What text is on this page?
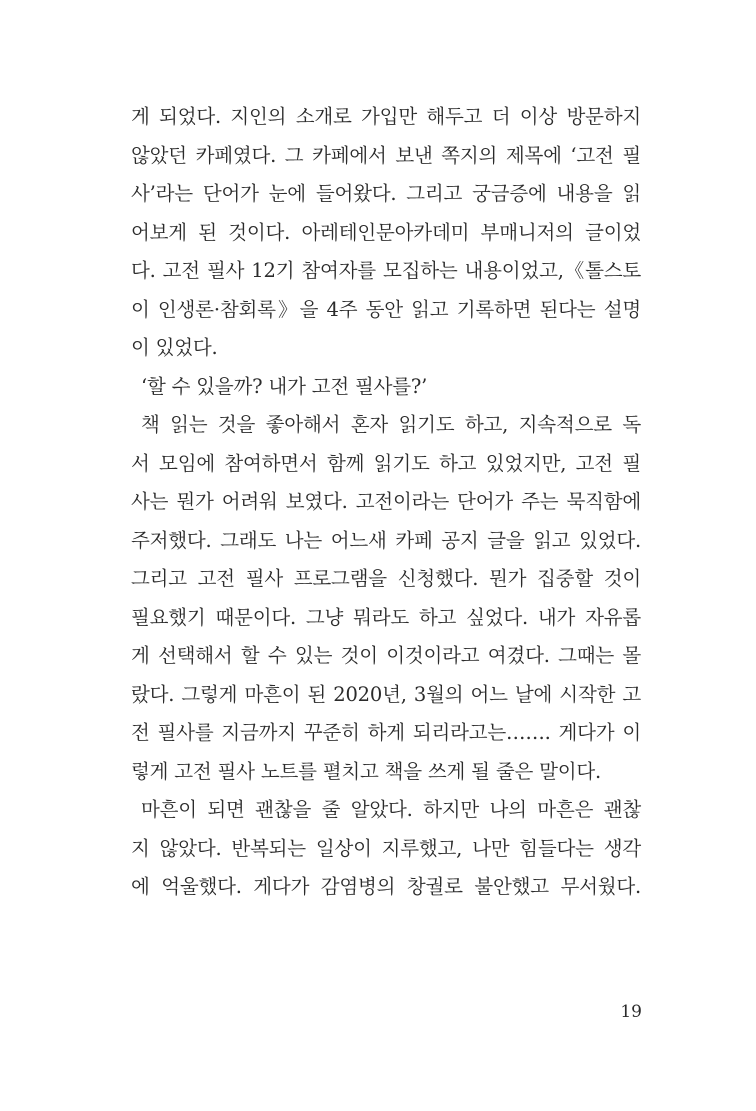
게 되었다. 지인의 소개로 가입만 해두고 더 이상 방문하지
않았던 카페였다. 그 카페에서 보낸 쪽지의 제목에 ‘고전 필
사’라는 단어가 눈에 들어왔다. 그리고 궁금증에 내용을 읽
어보게 된 것이다. 아레테인문아카데미 부매니저의 글이었
다. 고전 필사 12기 참여자를 모집하는 내용이었고,《톨스토
이 인생론·참회록》을 4주 동안 읽고 기록하면 된다는 설명
이 있었다.
‘할 수 있을까? 내가 고전 필사를?’
책 읽는 것을 좋아해서 혼자 읽기도 하고, 지속적으로 독
서 모임에 참여하면서 함께 읽기도 하고 있었지만, 고전 필
사는 뭔가 어려워 보였다. 고전이라는 단어가 주는 묵직함에
주저했다. 그래도 나는 어느새 카페 공지 글을 읽고 있었다.
그리고 고전 필사 프로그램을 신청했다. 뭔가 집중할 것이
필요했기 때문이다. 그냥 뭐라도 하고 싶었다. 내가 자유롭
게 선택해서 할 수 있는 것이 이것이라고 여겼다. 그때는 몰
랐다. 그렇게 마흔이 된 2020년, 3월의 어느 날에 시작한 고
전 필사를 지금까지 꾸준히 하게 되리라고는……. 게다가 이
렇게 고전 필사 노트를 펼치고 책을 쓰게 될 줄은 말이다.
마흔이 되면 괜찮을 줄 알았다. 하지만 나의 마흔은 괜찮
지 않았다. 반복되는 일상이 지루했고, 나만 힘들다는 생각
에 억울했다. 게다가 감염병의 창궐로 불안했고 무서웠다.
19
